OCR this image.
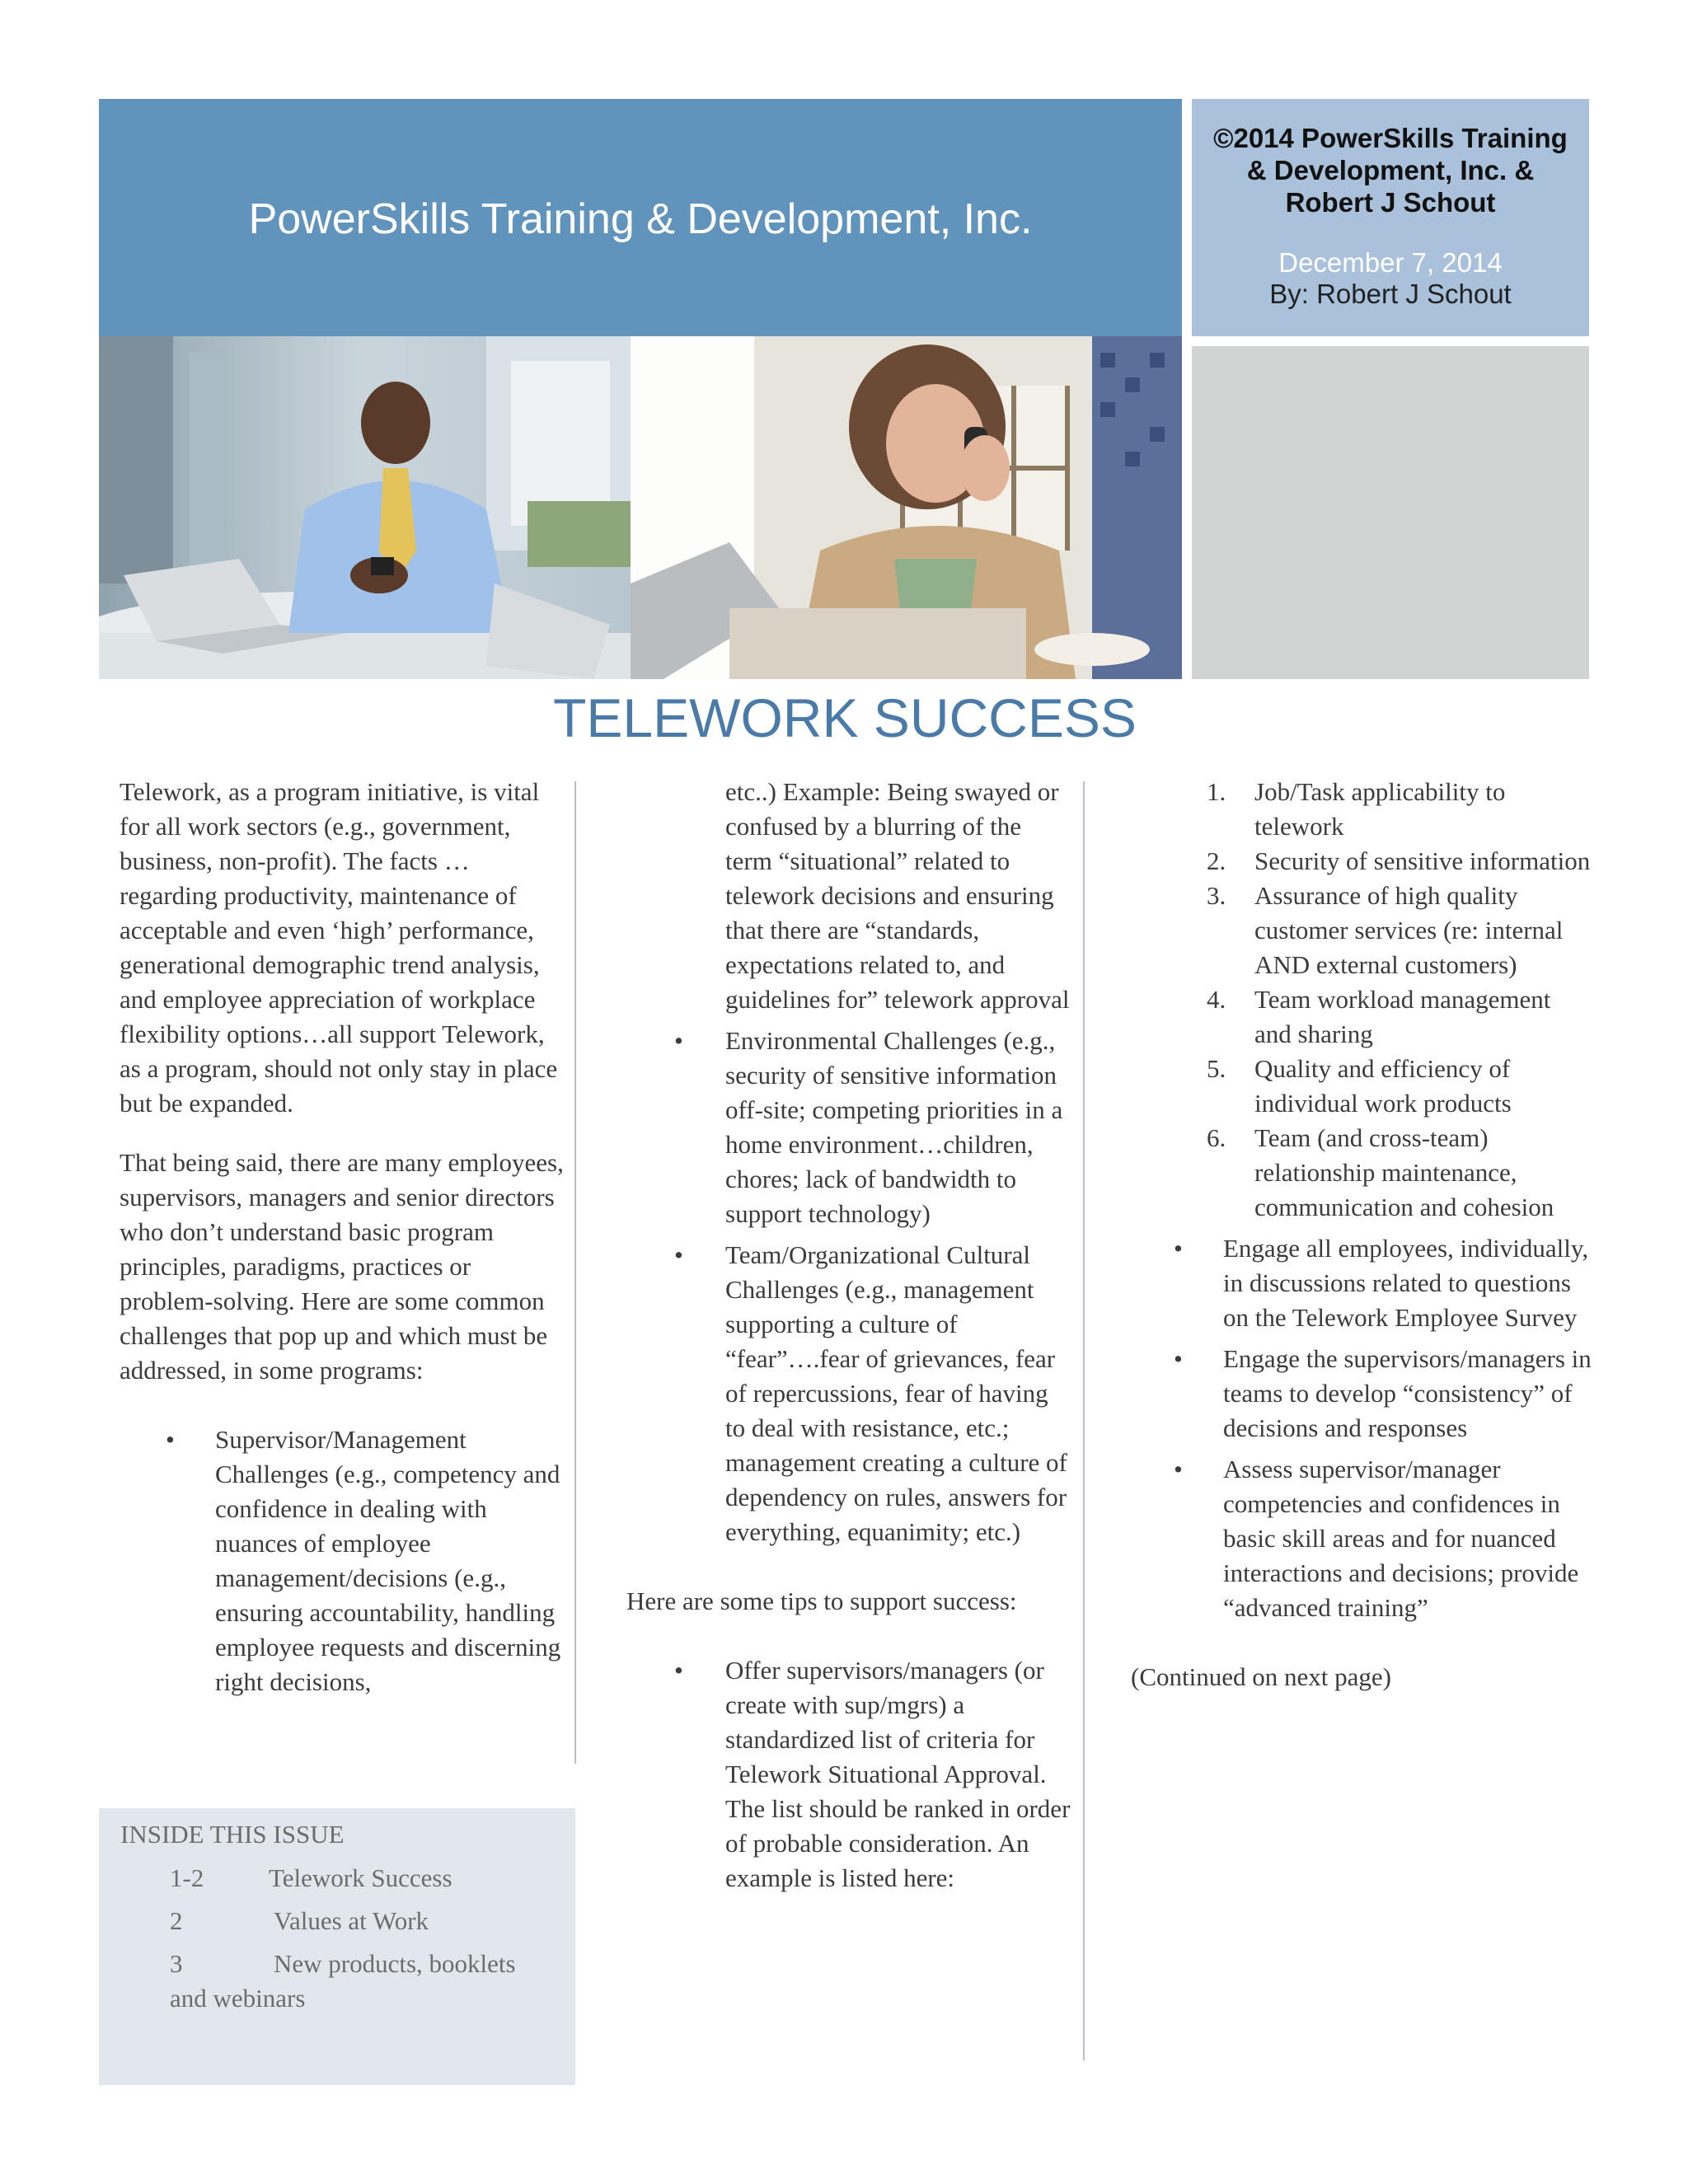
PowerSkills Training & Development, Inc.
©2014 PowerSkills Training & Development, Inc. & Robert J Schout
December 7, 2014
By: Robert J Schout
TELEWORK SUCCESS

Telework, as a program initiative, is vital for all work sectors (e.g., government, business, non-profit). The facts …regarding productivity, maintenance of acceptable and even ‘high’ performance, generational demographic trend analysis, and employee appreciation of workplace flexibility options…all support Telework, as a program, should not only stay in place but be expanded.

That being said, there are many employees, supervisors, managers and senior directors who don’t understand basic program principles, paradigms, practices or problem-solving. Here are some common challenges that pop up and which must be addressed, in some programs:

• Supervisor/Management Challenges (e.g., competency and confidence in dealing with nuances of employee management/decisions (e.g., ensuring accountability, handling employee requests and discerning right decisions,

etc..) Example: Being swayed or confused by a blurring of the term “situational” related to telework decisions and ensuring that there are “standards, expectations related to, and guidelines for” telework approval

• Environmental Challenges (e.g., security of sensitive information off-site; competing priorities in a home environment…children, chores; lack of bandwidth to support technology)
• Team/Organizational Cultural Challenges (e.g., management supporting a culture of “fear”….fear of grievances, fear of repercussions, fear of having to deal with resistance, etc.; management creating a culture of dependency on rules, answers for everything, equanimity; etc.)

Here are some tips to support success:

• Offer supervisors/managers (or create with sup/mgrs) a standardized list of criteria for Telework Situational Approval. The list should be ranked in order of probable consideration. An example is listed here:
1. Job/Task applicability to telework
2. Security of sensitive information
3. Assurance of high quality customer services (re: internal AND external customers)
4. Team workload management and sharing
5. Quality and efficiency of individual work products
6. Team (and cross-team) relationship maintenance, communication and cohesion
• Engage all employees, individually, in discussions related to questions on the Telework Employee Survey
• Engage the supervisors/managers in teams to develop “consistency” of decisions and responses
• Assess supervisor/manager competencies and confidences in basic skill areas and for nuanced interactions and decisions; provide “advanced training”

(Continued on next page)

INSIDE THIS ISSUE
1-2	Telework Success
2	Values at Work
3	New products, booklets and webinars
